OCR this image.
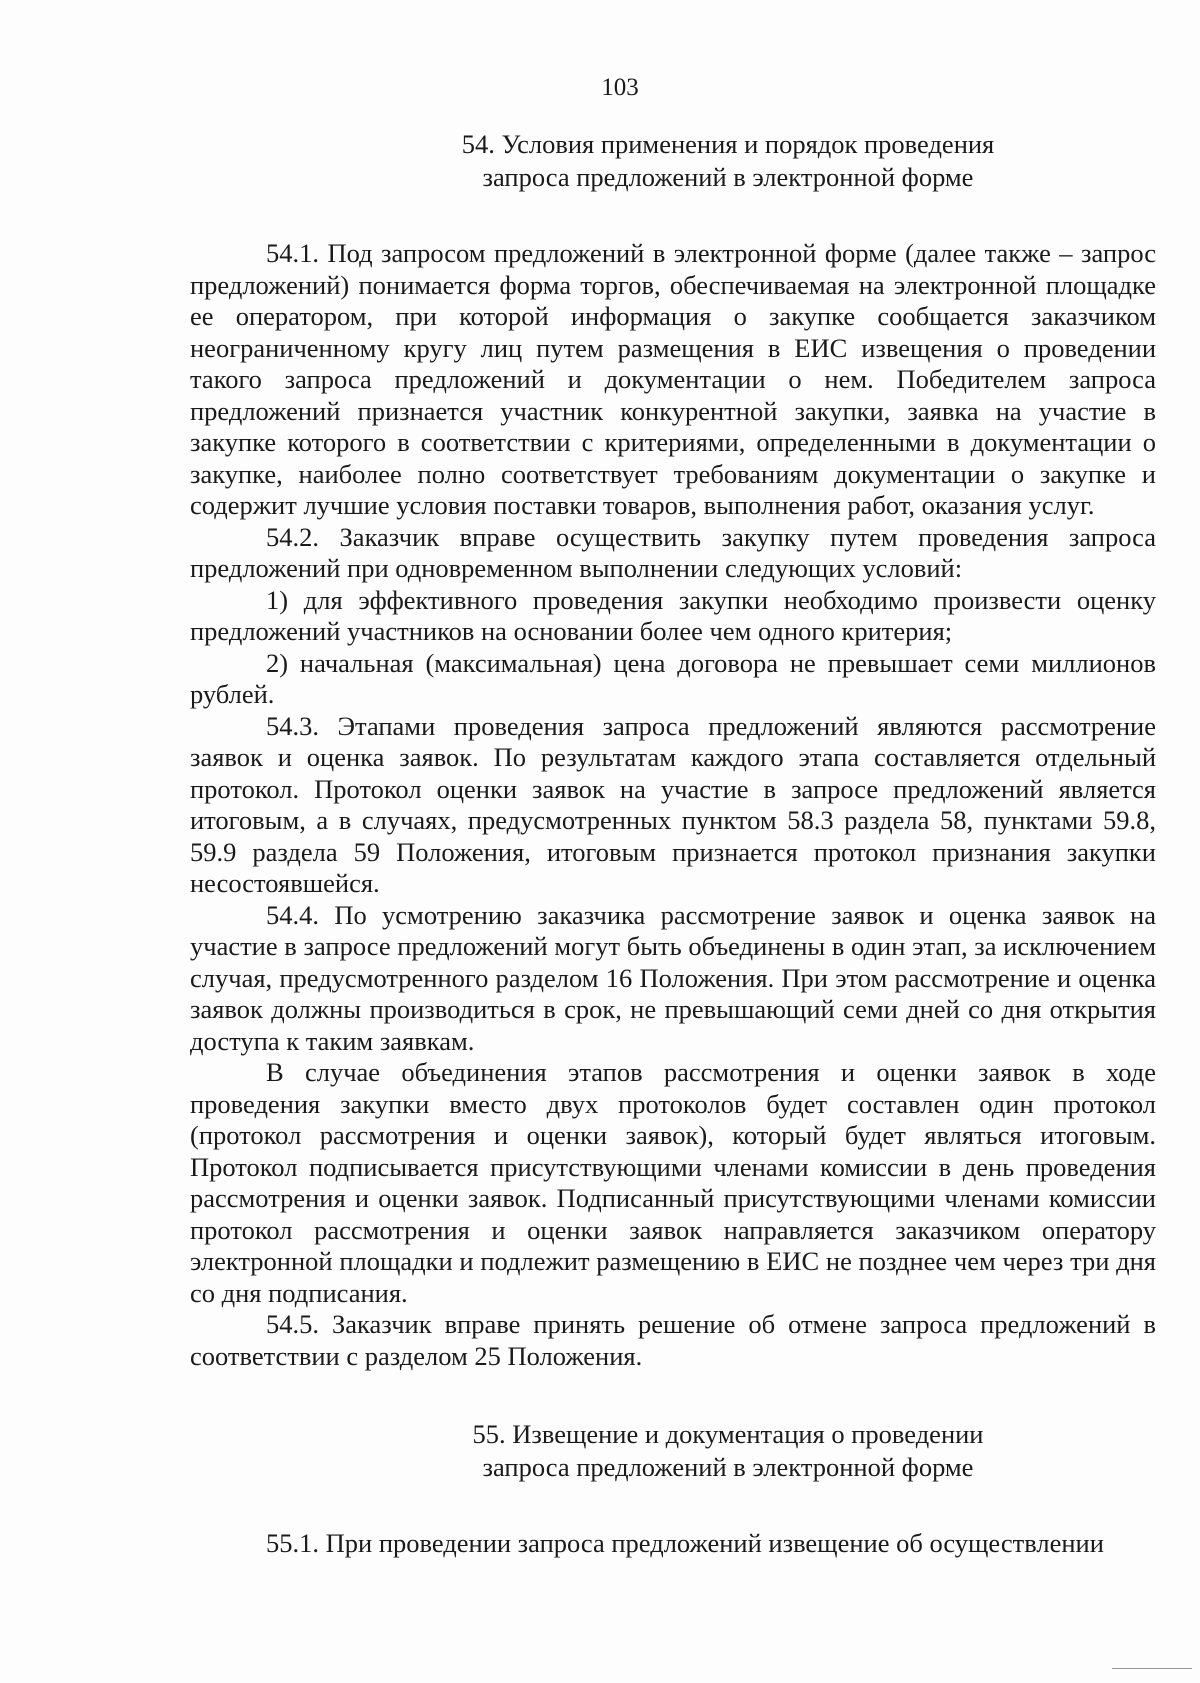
103
54. Условия применения и порядок проведения
запроса предложений в электронной форме

54.1. Под запросом предложений в электронной форме (далее также – запрос предложений) понимается форма торгов, обеспечиваемая на электронной площадке ее оператором, при которой информация о закупке сообщается заказчиком неограниченному кругу лиц путем размещения в ЕИС извещения о проведении такого запроса предложений и документации о нем. Победителем запроса предложений признается участник конкурентной закупки, заявка на участие в закупке которого в соответствии с критериями, определенными в документации о закупке, наиболее полно соответствует требованиям документации о закупке и содержит лучшие условия поставки товаров, выполнения работ, оказания услуг.

54.2. Заказчик вправе осуществить закупку путем проведения запроса предложений при одновременном выполнении следующих условий:

1) для эффективного проведения закупки необходимо произвести оценку предложений участников на основании более чем одного критерия;

2) начальная (максимальная) цена договора не превышает семи миллионов рублей.

54.3. Этапами проведения запроса предложений являются рассмотрение заявок и оценка заявок. По результатам каждого этапа составляется отдельный протокол. Протокол оценки заявок на участие в запросе предложений является итоговым, а в случаях, предусмотренных пунктом 58.3 раздела 58, пунктами 59.8, 59.9 раздела 59 Положения, итоговым признается протокол признания закупки несостоявшейся.

54.4. По усмотрению заказчика рассмотрение заявок и оценка заявок на участие в запросе предложений могут быть объединены в один этап, за исключением случая, предусмотренного разделом 16 Положения. При этом рассмотрение и оценка заявок должны производиться в срок, не превышающий семи дней со дня открытия доступа к таким заявкам.

В случае объединения этапов рассмотрения и оценки заявок в ходе проведения закупки вместо двух протоколов будет составлен один протокол (протокол рассмотрения и оценки заявок), который будет являться итоговым. Протокол подписывается присутствующими членами комиссии в день проведения рассмотрения и оценки заявок. Подписанный присутствующими членами комиссии протокол рассмотрения и оценки заявок направляется заказчиком оператору электронной площадки и подлежит размещению в ЕИС не позднее чем через три дня со дня подписания.

54.5. Заказчик вправе принять решение об отмене запроса предложений в соответствии с разделом 25 Положения.

55. Извещение и документация о проведении
запроса предложений в электронной форме

55.1. При проведении запроса предложений извещение об осуществлении
